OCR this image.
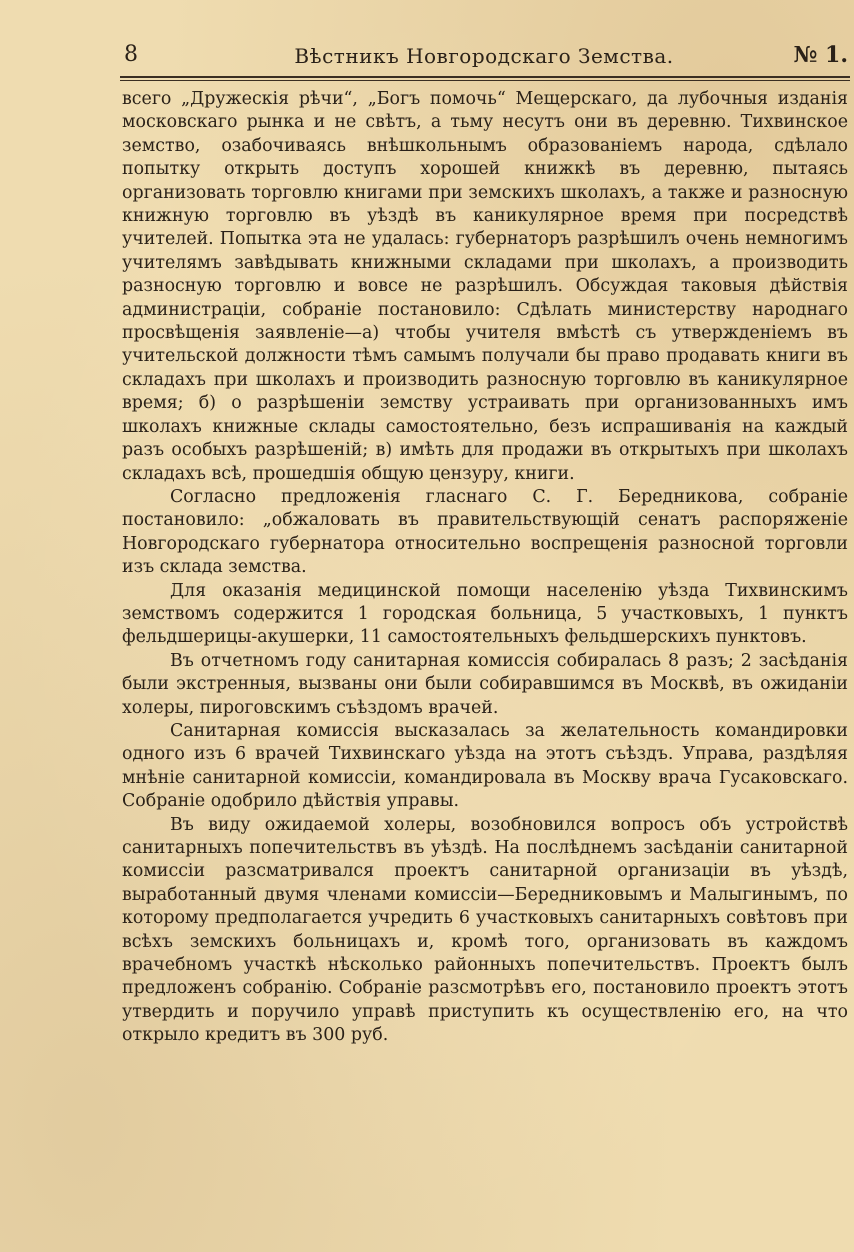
8	Вѣстникъ Новгородскаго Земства.	№ 1.

всего „Дружескія рѣчи“, „Богъ помочь“ Мещерскаго, да лубочныя изданія московскаго рынка и не свѣтъ, а тьму несутъ они въ деревню. Тихвинское земство, озабочиваясь внѣшкольнымъ образованіемъ народа, сдѣлало попытку открыть доступъ хорошей книжкѣ въ деревню, пытаясь организовать торговлю книгами при земскихъ школахъ, а также и разносную книжную торговлю въ уѣздѣ въ каникулярное время при посредствѣ учителей. Попытка эта не удалась: губернаторъ разрѣшилъ очень немногимъ учителямъ завѣдывать книжными складами при школахъ, а производить разносную торговлю и вовсе не разрѣшилъ. Обсуждая таковыя дѣйствія администраціи, собраніе постановило: Сдѣлать министерству народнаго просвѣщенія заявленіе—а) чтобы учителя вмѣстѣ съ утвержденіемъ въ учительской должности тѣмъ самымъ получали бы право продавать книги въ складахъ при школахъ и производить разносную торговлю въ каникулярное время; б) о разрѣшеніи земству устраивать при организованныхъ имъ школахъ книжные склады самостоятельно, безъ испрашиванія на каждый разъ особыхъ разрѣшеній; в) имѣть для продажи въ открытыхъ при школахъ складахъ всѣ, прошедшія общую цензуру, книги.

Согласно предложенія гласнаго С. Г. Бередникова, собраніе постановило: „обжаловать въ правительствующій сенатъ распоряженіе Новгородскаго губернатора относительно воспрещенія разносной торговли изъ склада земства.

Для оказанія медицинской помощи населенію уѣзда Тихвинскимъ земствомъ содержится 1 городская больница, 5 участковыхъ, 1 пунктъ фельдшерицы-акушерки, 11 самостоятельныхъ фельдшерскихъ пунктовъ.

Въ отчетномъ году санитарная комиссія собиралась 8 разъ; 2 засѣданія были экстренныя, вызваны они были собиравшимся въ Москвѣ, въ ожиданіи холеры, пироговскимъ съѣздомъ врачей.

Санитарная комиссія высказалась за желательность командировки одного изъ 6 врачей Тихвинскаго уѣзда на этотъ съѣздъ. Управа, раздѣляя мнѣніе санитарной комиссіи, командировала въ Москву врача Гусаковскаго. Собраніе одобрило дѣйствія управы.

Въ виду ожидаемой холеры, возобновился вопросъ объ устройствѣ санитарныхъ попечительствъ въ уѣздѣ. На послѣднемъ засѣданіи санитарной комиссіи разсматривался проектъ санитарной организаціи въ уѣздѣ, выработанный двумя членами комиссіи—Бередниковымъ и Малыгинымъ, по которому предполагается учредить 6 участковыхъ санитарныхъ совѣтовъ при всѣхъ земскихъ больницахъ и, кромѣ того, организовать въ каждомъ врачебномъ участкѣ нѣсколько районныхъ попечительствъ. Проектъ былъ предложенъ собранію. Собраніе разсмотрѣвъ его, постановило проектъ этотъ утвердить и поручило управѣ приступить къ осуществленію его, на что открыло кредитъ въ 300 руб.
